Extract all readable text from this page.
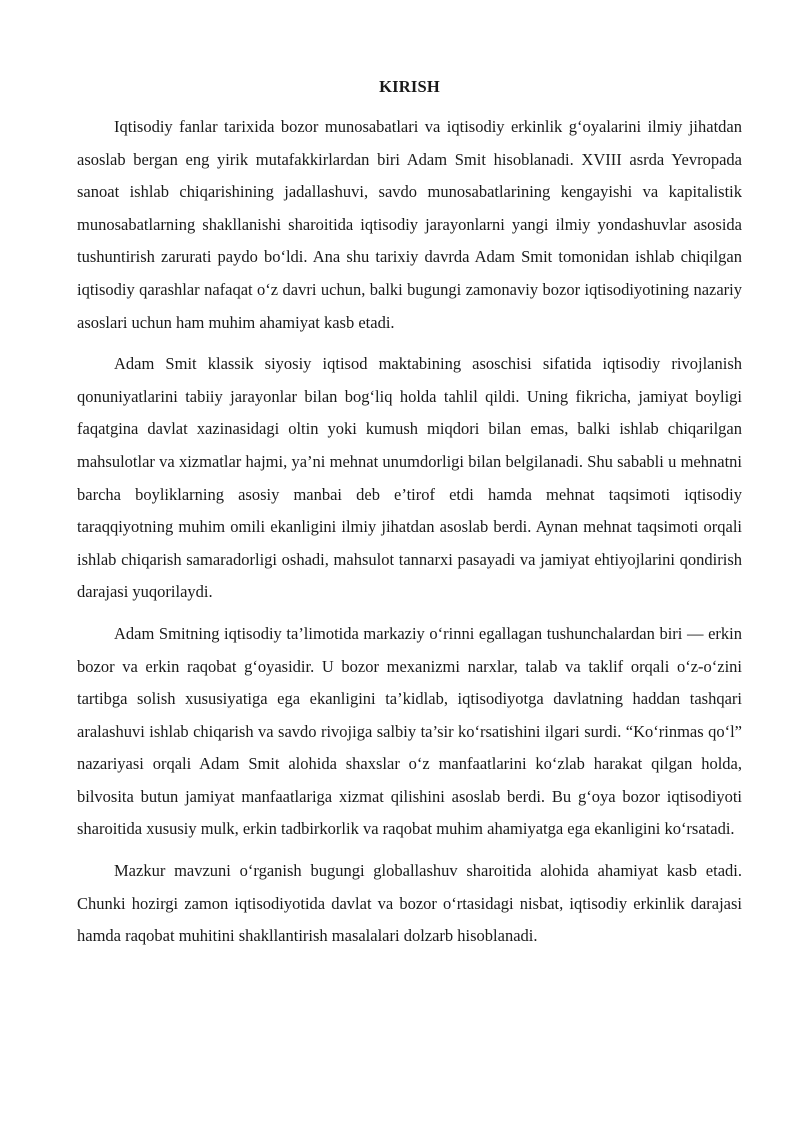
KIRISH

Iqtisodiy fanlar tarixida bozor munosabatlari va iqtisodiy erkinlik g‘oyalarini ilmiy jihatdan asoslab bergan eng yirik mutafakkirlardan biri Adam Smit hisoblanadi. XVIII asrda Yevropada sanoat ishlab chiqarishining jadallashuvi, savdo munosabatlarining kengayishi va kapitalistik munosabatlarning shakllanishi sharoitida iqtisodiy jarayonlarni yangi ilmiy yondashuvlar asosida tushuntirish zarurati paydo bo‘ldi. Ana shu tarixiy davrda Adam Smit tomonidan ishlab chiqilgan iqtisodiy qarashlar nafaqat o‘z davri uchun, balki bugungi zamonaviy bozor iqtisodiyotining nazariy asoslari uchun ham muhim ahamiyat kasb etadi.

Adam Smit klassik siyosiy iqtisod maktabining asoschisi sifatida iqtisodiy rivojlanish qonuniyatlarini tabiiy jarayonlar bilan bog‘liq holda tahlil qildi. Uning fikricha, jamiyat boyligi faqatgina davlat xazinasidagi oltin yoki kumush miqdori bilan emas, balki ishlab chiqarilgan mahsulotlar va xizmatlar hajmi, ya’ni mehnat unumdorligi bilan belgilanadi. Shu sababli u mehnatni barcha boyliklarning asosiy manbai deb e’tirof etdi hamda mehnat taqsimoti iqtisodiy taraqqiyotning muhim omili ekanligini ilmiy jihatdan asoslab berdi. Aynan mehnat taqsimoti orqali ishlab chiqarish samaradorligi oshadi, mahsulot tannarxi pasayadi va jamiyat ehtiyojlarini qondirish darajasi yuqorilaydi.

Adam Smitning iqtisodiy ta’limotida markaziy o‘rinni egallagan tushunchalardan biri — erkin bozor va erkin raqobat g‘oyasidir. U bozor mexanizmi narxlar, talab va taklif orqali o‘z-o‘zini tartibga solish xususiyatiga ega ekanligini ta’kidlab, iqtisodiyotga davlatning haddan tashqari aralashuvi ishlab chiqarish va savdo rivojiga salbiy ta’sir ko‘rsatishini ilgari surdi. “Ko‘rinmas qo‘l” nazariyasi orqali Adam Smit alohida shaxslar o‘z manfaatlarini ko‘zlab harakat qilgan holda, bilvosita butun jamiyat manfaatlariga xizmat qilishini asoslab berdi. Bu g‘oya bozor iqtisodiyoti sharoitida xususiy mulk, erkin tadbirkorlik va raqobat muhim ahamiyatga ega ekanligini ko‘rsatadi.

Mazkur mavzuni o‘rganish bugungi globallashuv sharoitida alohida ahamiyat kasb etadi. Chunki hozirgi zamon iqtisodiyotida davlat va bozor o‘rtasidagi nisbat, iqtisodiy erkinlik darajasi hamda raqobat muhitini shakllantirish masalalari dolzarb hisoblanadi.
